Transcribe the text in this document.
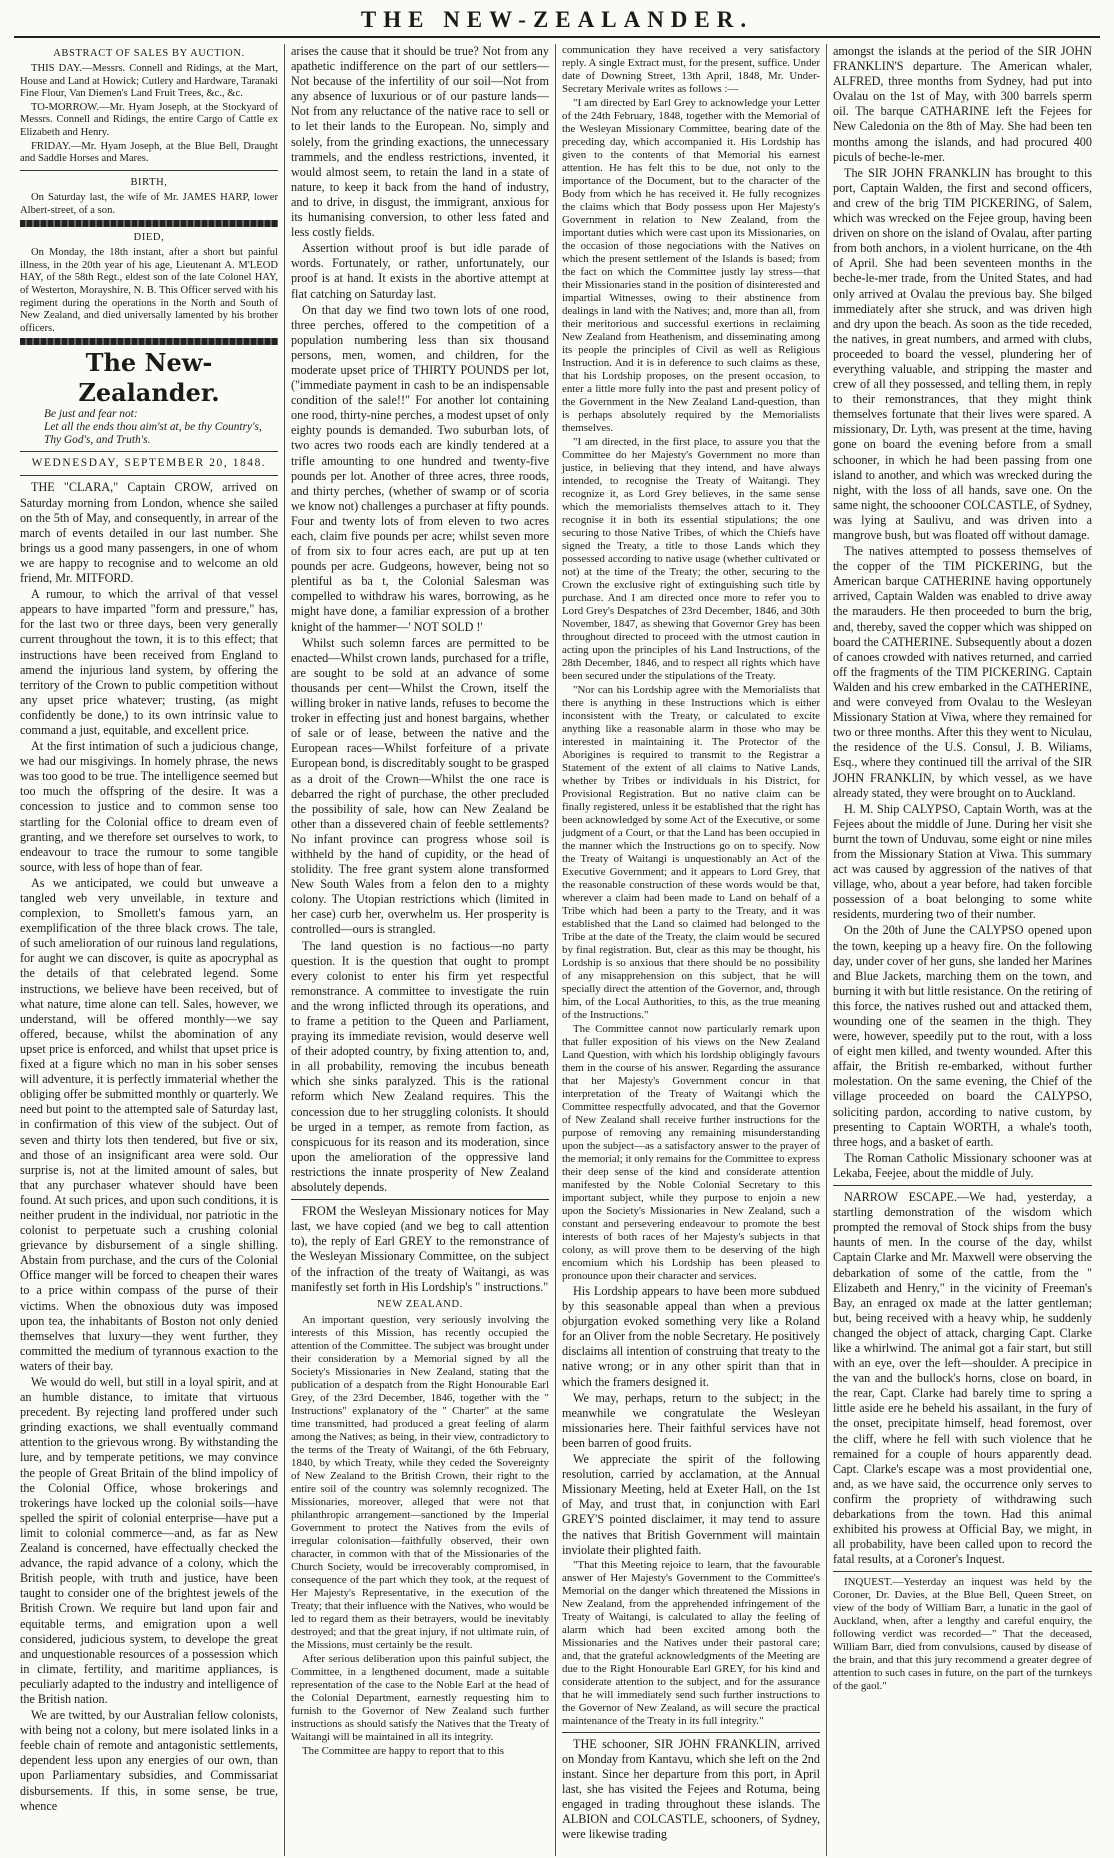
THE NEW-ZEALANDER.
ABSTRACT OF SALES BY AUCTION.

THIS DAY.—Messrs. Connell and Ridings, at the Mart, House and Land at Howick; Cutlery and Hardware, Taranaki Fine Flour, Van Diemen's Land Fruit Trees, &c., &c.

TO-MORROW.—Mr. Hyam Joseph, at the Stockyard of Messrs. Connell and Ridings, the entire Cargo of Cattle ex Elizabeth and Henry.

FRIDAY.—Mr. Hyam Joseph, at the Blue Bell, Draught and Saddle Horses and Mares.

BIRTH,

On Saturday last, the wife of Mr. JAMES HARP, lower Albert-street, of a son.

DIED,

On Monday, the 18th instant, after a short but painful illness, in the 20th year of his age, Lieutenant A. M'LEOD HAY, of the 58th Regt., eldest son of the late Colonel HAY, of Westerton, Morayshire, N. B. This Officer served with his regiment during the operations in the North and South of New Zealand, and died universally lamented by his brother officers.

The New-Zealander.
Be just and fear not:
Let all the ends thou aim'st at, be thy Country's,
Thy God's, and Truth's.
WEDNESDAY, SEPTEMBER 20, 1848.

THE "CLARA," Captain CROW, arrived on Saturday morning from London, whence she sailed on the 5th of May, and consequently, in arrear of the march of events detailed in our last number. She brings us a good many passengers, in one of whom we are happy to recognise and to welcome an old friend, Mr. MITFORD.

A rumour, to which the arrival of that vessel appears to have imparted "form and pressure," has, for the last two or three days, been very generally current throughout the town, it is to this effect; that instructions have been received from England to amend the injurious land system, by offering the territory of the Crown to public competition without any upset price whatever; trusting, (as might confidently be done,) to its own intrinsic value to command a just, equitable, and excellent price.

At the first intimation of such a judicious change, we had our misgivings. In homely phrase, the news was too good to be true. The intelligence seemed but too much the offspring of the desire. It was a concession to justice and to common sense too startling for the Colonial office to dream even of granting, and we therefore set ourselves to work, to endeavour to trace the rumour to some tangible source, with less of hope than of fear.

As we anticipated, we could but unweave a tangled web very unveilable, in texture and complexion, to Smollett's famous yarn, an exemplification of the three black crows. The tale, of such amelioration of our ruinous land regulations, for aught we can discover, is quite as apocryphal as the details of that celebrated legend. Some instructions, we believe have been received, but of what nature, time alone can tell. Sales, however, we understand, will be offered monthly—we say offered, because, whilst the abomination of any upset price is enforced, and whilst that upset price is fixed at a figure which no man in his sober senses will adventure, it is perfectly immaterial whether the obliging offer be submitted monthly or quarterly. We need but point to the attempted sale of Saturday last, in confirmation of this view of the subject. Out of seven and thirty lots then tendered, but five or six, and those of an insignificant area were sold. Our surprise is, not at the limited amount of sales, but that any purchaser whatever should have been found. At such prices, and upon such conditions, it is neither prudent in the individual, nor patriotic in the colonist to perpetuate such a crushing colonial grievance by disbursement of a single shilling. Abstain from purchase, and the curs of the Colonial Office manger will be forced to cheapen their wares to a price within compass of the purse of their victims. When the obnoxious duty was imposed upon tea, the inhabitants of Boston not only denied themselves that luxury—they went further, they committed the medium of tyrannous exaction to the waters of their bay.

We would do well, but still in a loyal spirit, and at an humble distance, to imitate that virtuous precedent. By rejecting land proffered under such grinding exactions, we shall eventually command attention to the grievous wrong. By withstanding the lure, and by temperate petitions, we may convince the people of Great Britain of the blind impolicy of the Colonial Office, whose brokerings and trokerings have locked up the colonial soils—have spelled the spirit of colonial enterprise—have put a limit to colonial commerce—and, as far as New Zealand is concerned, have effectually checked the advance, the rapid advance of a colony, which the British people, with truth and justice, have been taught to consider one of the brightest jewels of the British Crown. We require but land upon fair and equitable terms, and emigration upon a well considered, judicious system, to develope the great and unquestionable resources of a possession which in climate, fertility, and maritime appliances, is peculiarly adapted to the industry and intelligence of the British nation.

We are twitted, by our Australian fellow colonists, with being not a colony, but mere isolated links in a feeble chain of remote and antagonistic settlements, dependent less upon any energies of our own, than upon Parliamentary subsidies, and Commissariat disbursements. If this, in some sense, be true, whence

arises the cause that it should be true? Not from any apathetic indifference on the part of our settlers—Not because of the infertility of our soil—Not from any absence of luxurious or of our pasture lands—Not from any reluctance of the native race to sell or to let their lands to the European. No, simply and solely, from the grinding exactions, the unnecessary trammels, and the endless restrictions, invented, it would almost seem, to retain the land in a state of nature, to keep it back from the hand of industry, and to drive, in disgust, the immigrant, anxious for its humanising conversion, to other less fated and less costly fields.

Assertion without proof is but idle parade of words. Fortunately, or rather, unfortunately, our proof is at hand. It exists in the abortive attempt at flat catching on Saturday last.

On that day we find two town lots of one rood, three perches, offered to the competition of a population numbering less than six thousand persons, men, women, and children, for the moderate upset price of THIRTY POUNDS per lot, ("immediate payment in cash to be an indispensable condition of the sale!!" For another lot containing one rood, thirty-nine perches, a modest upset of only eighty pounds is demanded. Two suburban lots, of two acres two roods each are kindly tendered at a trifle amounting to one hundred and twenty-five pounds per lot. Another of three acres, three roods, and thirty perches, (whether of swamp or of scoria we know not) challenges a purchaser at fifty pounds. Four and twenty lots of from eleven to two acres each, claim five pounds per acre; whilst seven more of from six to four acres each, are put up at ten pounds per acre. Gudgeons, however, being not so plentiful as ba t, the Colonial Salesman was compelled to withdraw his wares, borrowing, as he might have done, a familiar expression of a brother knight of the hammer—' NOT SOLD !'

Whilst such solemn farces are permitted to be enacted—Whilst crown lands, purchased for a trifle, are sought to be sold at an advance of some thousands per cent—Whilst the Crown, itself the willing broker in native lands, refuses to become the troker in effecting just and honest bargains, whether of sale or of lease, between the native and the European races—Whilst forfeiture of a private European bond, is discreditably sought to be grasped as a droit of the Crown—Whilst the one race is debarred the right of purchase, the other precluded the possibility of sale, how can New Zealand be other than a dissevered chain of feeble settlements? No infant province can progress whose soil is withheld by the hand of cupidity, or the head of stolidity. The free grant system alone transformed New South Wales from a felon den to a mighty colony. The Utopian restrictions which (limited in her case) curb her, overwhelm us. Her prosperity is controlled—ours is strangled.

The land question is no factious—no party question. It is the question that ought to prompt every colonist to enter his firm yet respectful remonstrance. A committee to investigate the ruin and the wrong inflicted through its operations, and to frame a petition to the Queen and Parliament, praying its immediate revision, would deserve well of their adopted country, by fixing attention to, and, in all probability, removing the incubus beneath which she sinks paralyzed. This is the rational reform which New Zealand requires. This the concession due to her struggling colonists. It should be urged in a temper, as remote from faction, as conspicuous for its reason and its moderation, since upon the amelioration of the oppressive land restrictions the innate prosperity of New Zealand absolutely depends.

FROM the Wesleyan Missionary notices for May last, we have copied (and we beg to call attention to), the reply of Earl GREY to the remonstrance of the Wesleyan Missionary Committee, on the subject of the infraction of the treaty of Waitangi, as was manifestly set forth in His Lordship's " instructions."

NEW ZEALAND.

An important question, very seriously involving the interests of this Mission, has recently occupied the attention of the Committee. The subject was brought under their consideration by a Memorial signed by all the Society's Missionaries in New Zealand, stating that the publication of a despatch from the Right Honourable Earl Grey, of the 23rd December, 1846, together with the " Instructions" explanatory of the " Charter" at the same time transmitted, had produced a great feeling of alarm among the Natives; as being, in their view, contradictory to the terms of the Treaty of Waitangi, of the 6th February, 1840, by which Treaty, while they ceded the Sovereignty of New Zealand to the British Crown, their right to the entire soil of the country was solemnly recognized. The Missionaries, moreover, alleged that were not that philanthropic arrangement—sanctioned by the Imperial Government to protect the Natives from the evils of irregular colonisation—faithfully observed, their own character, in common with that of the Missionaries of the Church Society, would be irrecoverably compromised, in consequence of the part which they took, at the request of Her Majesty's Representative, in the execution of the Treaty; that their influence with the Natives, who would be led to regard them as their betrayers, would be inevitably destroyed; and that the great injury, if not ultimate ruin, of the Missions, must certainly be the result.

After serious deliberation upon this painful subject, the Committee, in a lengthened document, made a suitable representation of the case to the Noble Earl at the head of the Colonial Department, earnestly requesting him to furnish to the Governor of New Zealand such further instructions as should satisfy the Natives that the Treaty of Waitangi will be maintained in all its integrity.

The Committee are happy to report that to this

communication they have received a very satisfactory reply. A single Extract must, for the present, suffice. Under date of Downing Street, 13th April, 1848, Mr. Under-Secretary Merivale writes as follows :—

"I am directed by Earl Grey to acknowledge your Letter of the 24th February, 1848, together with the Memorial of the Wesleyan Missionary Committee, bearing date of the preceding day, which accompanied it. His Lordship has given to the contents of that Memorial his earnest attention. He has felt this to be due, not only to the importance of the Document, but to the character of the Body from which he has received it. He fully recognizes the claims which that Body possess upon Her Majesty's Government in relation to New Zealand, from the important duties which were cast upon its Missionaries, on the occasion of those negociations with the Natives on which the present settlement of the Islands is based; from the fact on which the Committee justly lay stress—that their Missionaries stand in the position of disinterested and impartial Witnesses, owing to their abstinence from dealings in land with the Natives; and, more than all, from their meritorious and successful exertions in reclaiming New Zealand from Heathenism, and disseminating among its people the principles of Civil as well as Religious Instruction. And it is in deference to such claims as these, that his Lordship proposes, on the present occasion, to enter a little more fully into the past and present policy of the Government in the New Zealand Land-question, than is perhaps absolutely required by the Memorialists themselves.

"I am directed, in the first place, to assure you that the Committee do her Majesty's Government no more than justice, in believing that they intend, and have always intended, to recognise the Treaty of Waitangi. They recognize it, as Lord Grey believes, in the same sense which the memorialists themselves attach to it. They recognise it in both its essential stipulations; the one securing to those Native Tribes, of which the Chiefs have signed the Treaty, a title to those Lands which they possessed according to native usage (whether cultivated or not) at the time of the Treaty; the other, securing to the Crown the exclusive right of extinguishing such title by purchase. And I am directed once more to refer you to Lord Grey's Despatches of 23rd December, 1846, and 30th November, 1847, as shewing that Governor Grey has been throughout directed to proceed with the utmost caution in acting upon the principles of his Land Instructions, of the 28th December, 1846, and to respect all rights which have been secured under the stipulations of the Treaty.

"Nor can his Lordship agree with the Memorialists that there is anything in these Instructions which is either inconsistent with the Treaty, or calculated to excite anything like a reasonable alarm in those who may be interested in maintaining it. The Protector of the Aborigines is required to transmit to the Registrar a Statement of the extent of all claims to Native Lands, whether by Tribes or individuals in his District, for Provisional Registration. But no native claim can be finally registered, unless it be established that the right has been acknowledged by some Act of the Executive, or some judgment of a Court, or that the Land has been occupied in the manner which the Instructions go on to specify. Now the Treaty of Waitangi is unquestionably an Act of the Executive Government; and it appears to Lord Grey, that the reasonable construction of these words would be that, wherever a claim had been made to Land on behalf of a Tribe which had been a party to the Treaty, and it was established that the Land so claimed had belonged to the Tribe at the date of the Treaty, the claim would be secured by final registration. But, clear as this may be thought, his Lordship is so anxious that there should be no possibility of any misapprehension on this subject, that he will specially direct the attention of the Governor, and, through him, of the Local Authorities, to this, as the true meaning of the Instructions."

The Committee cannot now particularly remark upon that fuller exposition of his views on the New Zealand Land Question, with which his lordship obligingly favours them in the course of his answer. Regarding the assurance that her Majesty's Government concur in that interpretation of the Treaty of Waitangi which the Committee respectfully advocated, and that the Governor of New Zealand shall receive further instructions for the purpose of removing any remaining misunderstanding upon the subject—as a satisfactory answer to the prayer of the memorial; it only remains for the Committee to express their deep sense of the kind and considerate attention manifested by the Noble Colonial Secretary to this important subject, while they purpose to enjoin a new upon the Society's Missionaries in New Zealand, such a constant and persevering endeavour to promote the best interests of both races of her Majesty's subjects in that colony, as will prove them to be deserving of the high encomium which his Lordship has been pleased to pronounce upon their character and services.

His Lordship appears to have been more subdued by this seasonable appeal than when a previous objurgation evoked something very like a Roland for an Oliver from the noble Secretary. He positively disclaims all intention of construing that treaty to the native wrong; or in any other spirit than that in which the framers designed it.

We may, perhaps, return to the subject; in the meanwhile we congratulate the Wesleyan missionaries here. Their faithful services have not been barren of good fruits.

We appreciate the spirit of the following resolution, carried by acclamation, at the Annual Missionary Meeting, held at Exeter Hall, on the 1st of May, and trust that, in conjunction with Earl GREY'S pointed disclaimer, it may tend to assure the natives that British Government will maintain inviolate their plighted faith.

"That this Meeting rejoice to learn, that the favourable answer of Her Majesty's Government to the Committee's Memorial on the danger which threatened the Missions in New Zealand, from the apprehended infringement of the Treaty of Waitangi, is calculated to allay the feeling of alarm which had been excited among both the Missionaries and the Natives under their pastoral care; and, that the grateful acknowledgments of the Meeting are due to the Right Honourable Earl GREY, for his kind and considerate attention to the subject, and for the assurance that he will immediately send such further instructions to the Governor of New Zealand, as will secure the practical maintenance of the Treaty in its full integrity."

THE schooner, SIR JOHN FRANKLIN, arrived on Monday from Kantavu, which she left on the 2nd instant. Since her departure from this port, in April last, she has visited the Fejees and Rotuma, being engaged in trading throughout these islands. The ALBION and COLCASTLE, schooners, of Sydney, were likewise trading

amongst the islands at the period of the SIR JOHN FRANKLIN'S departure. The American whaler, ALFRED, three months from Sydney, had put into Ovalau on the 1st of May, with 300 barrels sperm oil. The barque CATHARINE left the Fejees for New Caledonia on the 8th of May. She had been ten months among the islands, and had procured 400 piculs of beche-le-mer.

The SIR JOHN FRANKLIN has brought to this port, Captain Walden, the first and second officers, and crew of the brig TIM PICKERING, of Salem, which was wrecked on the Fejee group, having been driven on shore on the island of Ovalau, after parting from both anchors, in a violent hurricane, on the 4th of April. She had been seventeen months in the beche-le-mer trade, from the United States, and had only arrived at Ovalau the previous bay. She bilged immediately after she struck, and was driven high and dry upon the beach. As soon as the tide receded, the natives, in great numbers, and armed with clubs, proceeded to board the vessel, plundering her of everything valuable, and stripping the master and crew of all they possessed, and telling them, in reply to their remonstrances, that they might think themselves fortunate that their lives were spared. A missionary, Dr. Lyth, was present at the time, having gone on board the evening before from a small schooner, in which he had been passing from one island to another, and which was wrecked during the night, with the loss of all hands, save one. On the same night, the schoooner COLCASTLE, of Sydney, was lying at Saulivu, and was driven into a mangrove bush, but was floated off without damage.

The natives attempted to possess themselves of the copper of the TIM PICKERING, but the American barque CATHERINE having opportunely arrived, Captain Walden was enabled to drive away the marauders. He then proceeded to burn the brig, and, thereby, saved the copper which was shipped on board the CATHERINE. Subsequently about a dozen of canoes crowded with natives returned, and carried off the fragments of the TIM PICKERING. Captain Walden and his crew embarked in the CATHERINE, and were conveyed from Ovalau to the Wesleyan Missionary Station at Viwa, where they remained for two or three months. After this they went to Niculau, the residence of the U.S. Consul, J. B. Wiliams, Esq., where they continued till the arrival of the SIR JOHN FRANKLIN, by which vessel, as we have already stated, they were brought on to Auckland.

H. M. Ship CALYPSO, Captain Worth, was at the Fejees about the middle of June. During her visit she burnt the town of Unduvau, some eight or nine miles from the Missionary Station at Viwa. This summary act was caused by aggression of the natives of that village, who, about a year before, had taken forcible possession of a boat belonging to some white residents, murdering two of their number.

On the 20th of June the CALYPSO opened upon the town, keeping up a heavy fire. On the following day, under cover of her guns, she landed her Marines and Blue Jackets, marching them on the town, and burning it with but little resistance. On the retiring of this force, the natives rushed out and attacked them, wounding one of the seamen in the thigh. They were, however, speedily put to the rout, with a loss of eight men killed, and twenty wounded. After this affair, the British re-embarked, without further molestation. On the same evening, the Chief of the village proceeded on board the CALYPSO, soliciting pardon, according to native custom, by presenting to Captain WORTH, a whale's tooth, three hogs, and a basket of earth.

The Roman Catholic Missionary schooner was at Lekaba, Feejee, about the middle of July.

NARROW ESCAPE.—We had, yesterday, a startling demonstration of the wisdom which prompted the removal of Stock ships from the busy haunts of men. In the course of the day, whilst Captain Clarke and Mr. Maxwell were observing the debarkation of some of the cattle, from the " Elizabeth and Henry," in the vicinity of Freeman's Bay, an enraged ox made at the latter gentleman; but, being received with a heavy whip, he suddenly changed the object of attack, charging Capt. Clarke like a whirlwind. The animal got a fair start, but still with an eye, over the left—shoulder. A precipice in the van and the bullock's horns, close on board, in the rear, Capt. Clarke had barely time to spring a little aside ere he beheld his assailant, in the fury of the onset, precipitate himself, head foremost, over the cliff, where he fell with such violence that he remained for a couple of hours apparently dead. Capt. Clarke's escape was a most providential one, and, as we have said, the occurrence only serves to confirm the propriety of withdrawing such debarkations from the town. Had this animal exhibited his prowess at Official Bay, we might, in all probability, have been called upon to record the fatal results, at a Coroner's Inquest.

INQUEST.—Yesterday an inquest was held by the Coroner, Dr. Davies, at the Blue Bell, Queen Street, on view of the body of William Barr, a lunatic in the gaol of Auckland, when, after a lengthy and careful enquiry, the following verdict was recorded—" That the deceased, William Barr, died from convulsions, caused by disease of the brain, and that this jury recommend a greater degree of attention to such cases in future, on the part of the turnkeys of the gaol."
